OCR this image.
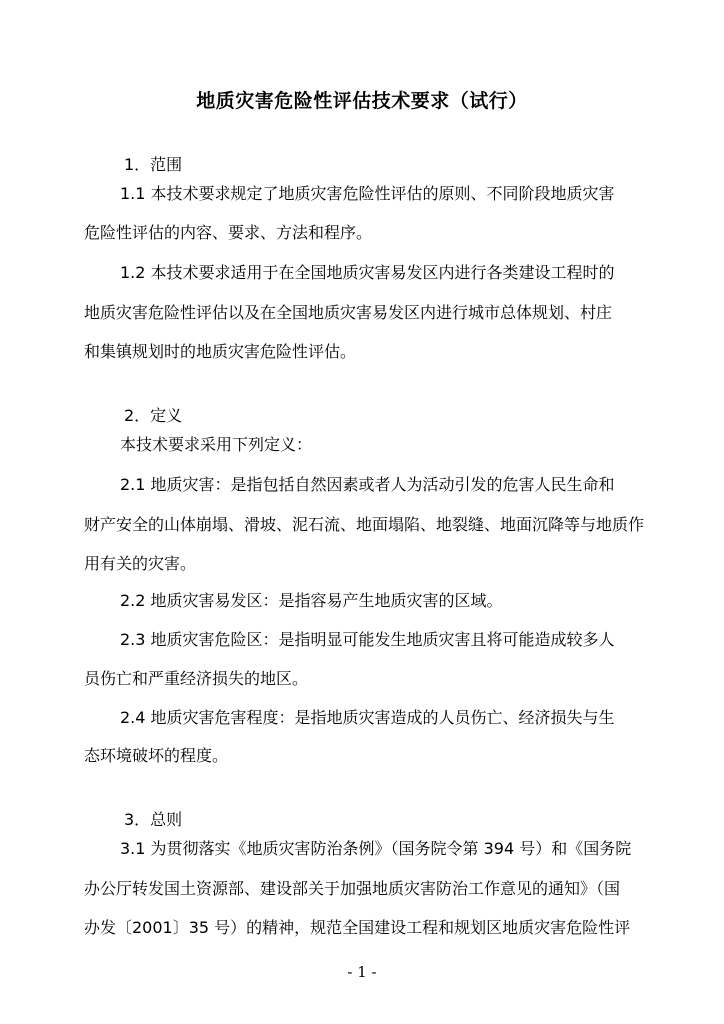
地质灾害危险性评估技术要求（试行）
1．范围
1.1 本技术要求规定了地质灾害危险性评估的原则、不同阶段地质灾害
危险性评估的内容、要求、方法和程序。
1.2 本技术要求适用于在全国地质灾害易发区内进行各类建设工程时的
地质灾害危险性评估以及在全国地质灾害易发区内进行城市总体规划、村庄
和集镇规划时的地质灾害危险性评估。
2．定义
本技术要求采用下列定义：
2.1 地质灾害：是指包括自然因素或者人为活动引发的危害人民生命和
财产安全的山体崩塌、滑坡、泥石流、地面塌陷、地裂缝、地面沉降等与地质作
用有关的灾害。
2.2 地质灾害易发区：是指容易产生地质灾害的区域。
2.3 地质灾害危险区：是指明显可能发生地质灾害且将可能造成较多人
员伤亡和严重经济损失的地区。
2.4 地质灾害危害程度：是指地质灾害造成的人员伤亡、经济损失与生
态环境破坏的程度。
3．总则
3.1 为贯彻落实《地质灾害防治条例》（国务院令第 394 号）和《国务院
办公厅转发国土资源部、建设部关于加强地质灾害防治工作意见的通知》（国
办发〔2001〕35 号）的精神，规范全国建设工程和规划区地质灾害危险性评
- 1 -
